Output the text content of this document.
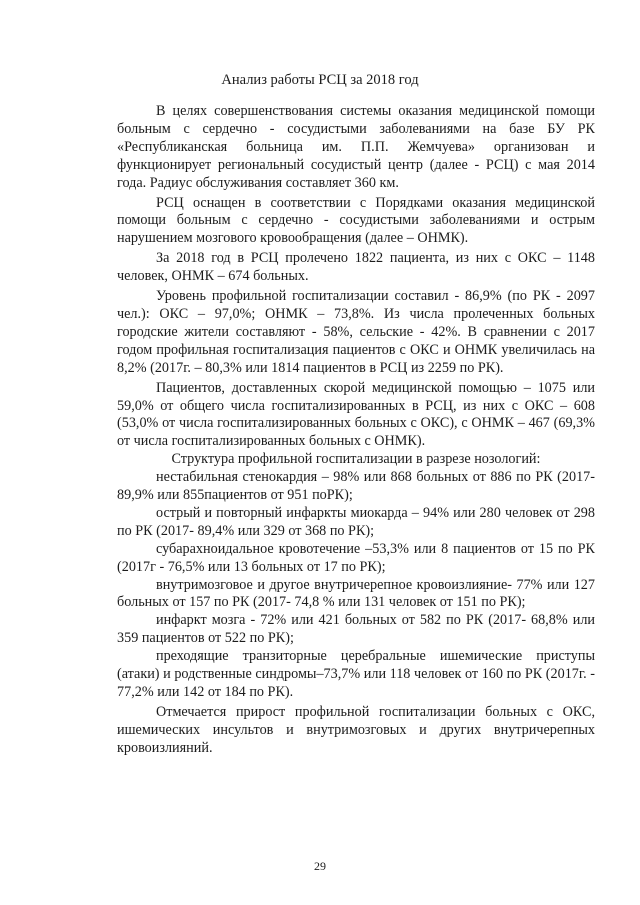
Анализ работы РСЦ за 2018 год

В целях совершенствования системы оказания медицинской помощи больным с сердечно - сосудистыми заболеваниями на базе БУ РК «Республиканская больница им. П.П. Жемчуева» организован и функционирует региональный сосудистый центр (далее - РСЦ) с мая 2014 года. Радиус обслуживания составляет 360 км.

РСЦ оснащен в соответствии с Порядками оказания медицинской помощи больным с сердечно - сосудистыми заболеваниями и острым нарушением мозгового кровообращения (далее – ОНМК).

За 2018 год в РСЦ пролечено 1822 пациента, из них с ОКС – 1148 человек, ОНМК – 674 больных.

Уровень профильной госпитализации составил - 86,9% (по РК - 2097 чел.): ОКС – 97,0%; ОНМК – 73,8%. Из числа пролеченных больных городские жители составляют - 58%, сельские - 42%. В сравнении с 2017 годом профильная госпитализация пациентов с ОКС и ОНМК увеличилась на 8,2% (2017г. – 80,3% или 1814 пациентов в РСЦ из 2259 по РК).

Пациентов, доставленных скорой медицинской помощью – 1075 или 59,0% от общего числа госпитализированных в РСЦ, из них с ОКС – 608 (53,0% от числа госпитализированных больных с ОКС), с ОНМК – 467 (69,3% от числа госпитализированных больных с ОНМК).

Структура профильной госпитализации в разрезе нозологий:

нестабильная стенокардия – 98% или 868 больных от 886 по РК (2017- 89,9% или 855пациентов от 951 поРК);

острый и повторный инфаркты миокарда – 94% или 280 человек от 298 по РК (2017- 89,4% или 329 от 368 по РК);

субарахноидальное кровотечение –53,3% или 8 пациентов от 15 по РК (2017г - 76,5% или 13 больных от 17 по РК);

внутримозговое и другое внутричерепное кровоизлияние- 77% или 127 больных от 157 по РК (2017- 74,8 % или 131 человек от 151 по РК);

инфаркт мозга - 72% или 421 больных от 582 по РК (2017- 68,8% или 359 пациентов от 522 по РК);

преходящие транзиторные церебральные ишемические приступы (атаки) и родственные синдромы–73,7% или 118 человек от 160 по РК (2017г. - 77,2% или 142 от 184 по РК).

Отмечается прирост профильной госпитализации больных с ОКС, ишемических инсультов и внутримозговых и других внутричерепных кровоизлияний.

29
